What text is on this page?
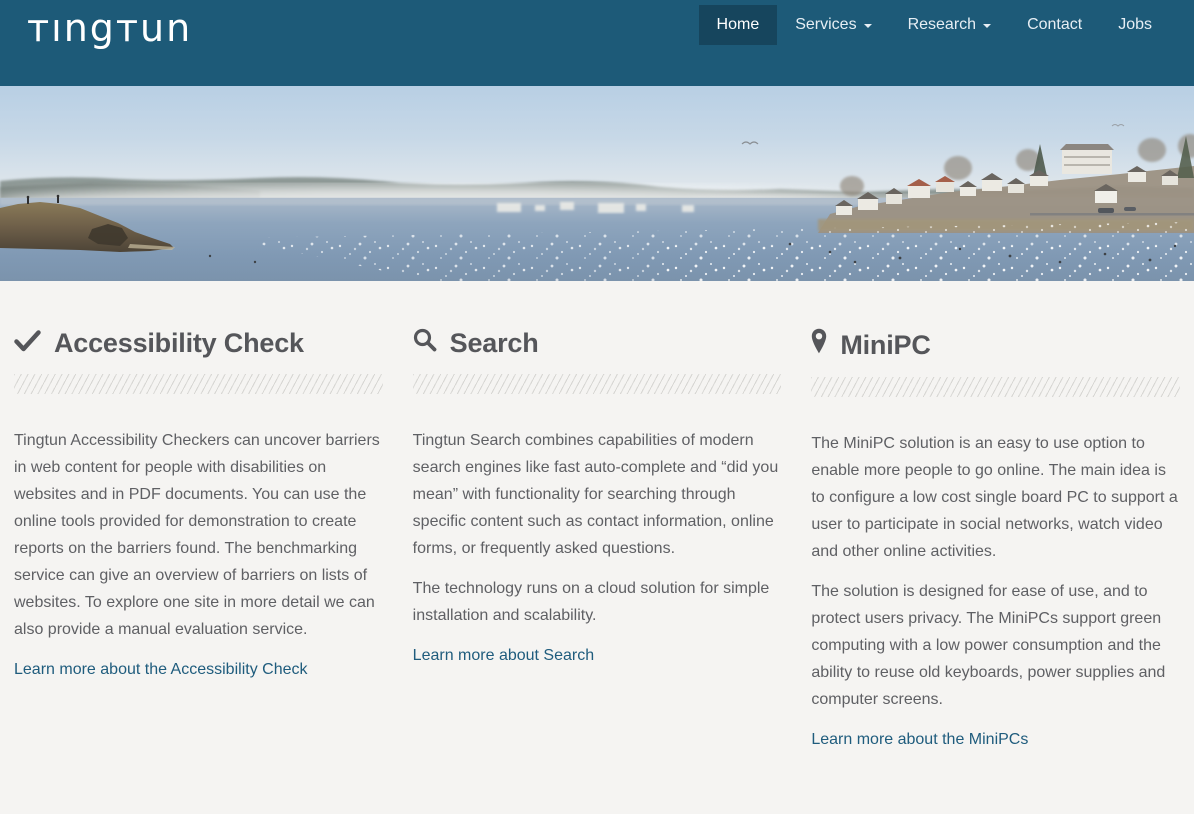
тıngтun	Home Services	Research	Contact Jobs
Accessibility Check

Tingtun Accessibility Checkers can uncover barriers in web content for people with disabilities on websites and in PDF documents. You can use the online tools provided for demonstration to create reports on the barriers found. The benchmarking service can give an overview of barriers on lists of websites. To explore one site in more detail we can also provide a manual evaluation service.

Learn more about the Accessibility Check
Search

Tingtun Search combines capabilities of modern search engines like fast auto-complete and “did you mean” with functionality for searching through specific content such as contact information, online forms, or frequently asked questions.

The technology runs on a cloud solution for simple installation and scalability.

Learn more about Search
MiniPC

The MiniPC solution is an easy to use option to enable more people to go online. The main idea is to configure a low cost single board PC to support a user to participate in social networks, watch video and other online activities.

The solution is designed for ease of use, and to protect users privacy. The MiniPCs support green computing with a low power consumption and the ability to reuse old keyboards, power supplies and computer screens.

Learn more about the MiniPCs
